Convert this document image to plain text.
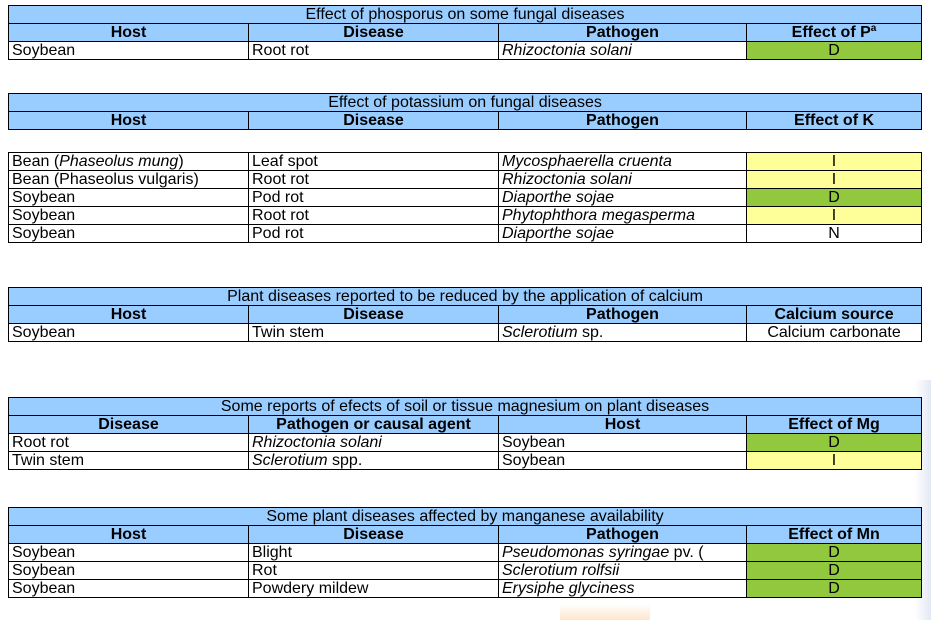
Effect of phosporus on some fungal diseases			
Host	Disease	Pathogen	Effect of $P^a$
Soybean	Root rot	Rhizoctonia solani	D
Effect of potassium on fungal diseases
Host	Disease	Pathogen	Effect of K

Bean (Phaseolus mung)	Leaf spot	Mycosphaerella cruenta	I
Bean (Phaseolus vulgaris)	Root rot	Rhizoctonia solani	I
Soybean	Pod rot	Diaporthe sojae	D
Soybean	Root rot	Phytophthora megasperma	I
Soybean	Pod rot	Diaporthe sojae	N
Plant diseases reported to be reduced by the application of calcium			
Host	Disease	Pathogen	Calcium source
Soybean	Twin stem	Sclerotium sp.	Calcium carbonate
Some reports of efects of soil or tissue magnesium on plant diseases			
Disease	Pathogen or causal agent	Host	Effect of Mg
Root rot	Rhizoctonia solani	Soybean	D
Twin stem	Sclerotium spp.	Soybean	I
Some plant diseases affected by manganese availability			
Host	Disease	Pathogen	Effect of Mn
Soybean	Blight	Pseudomonas syringae pv. (	D
Soybean	Rot	Sclerotium rolfsii	D
Soybean	Powdery mildew	Erysiphe glyciness	D
